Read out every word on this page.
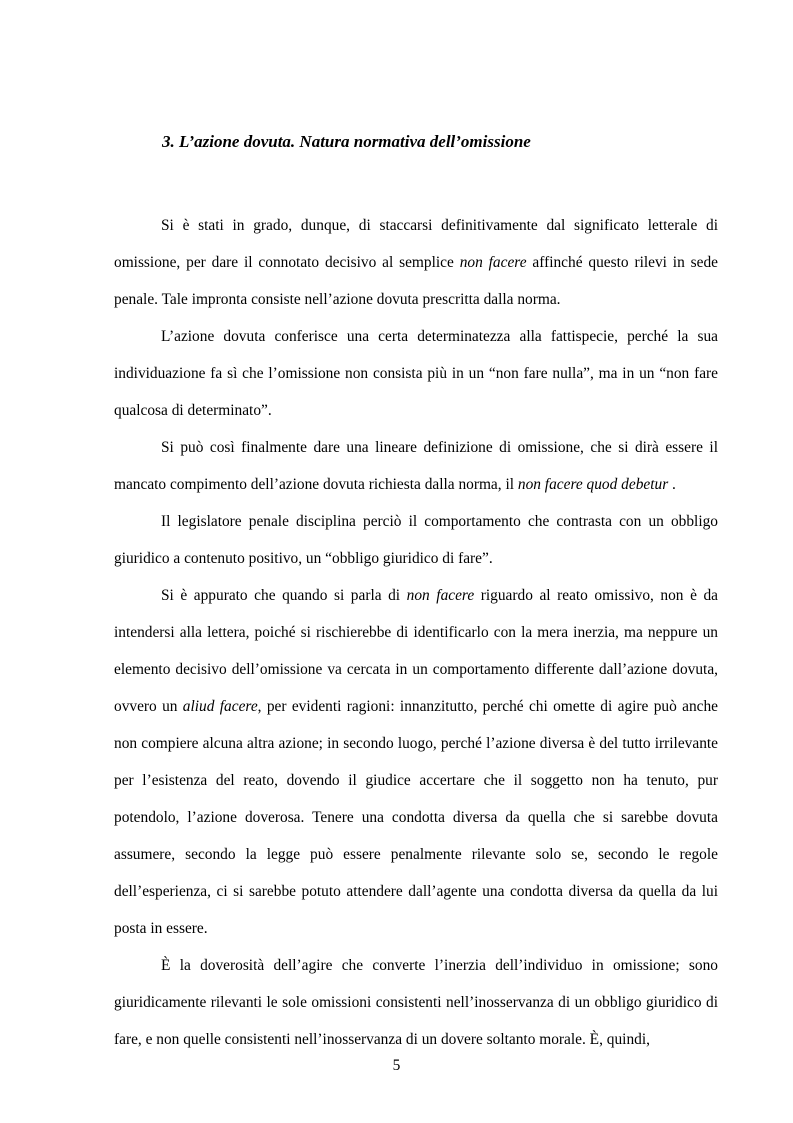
3. L’azione dovuta. Natura normativa dell’omissione

Si è stati in grado, dunque, di staccarsi definitivamente dal significato letterale di omissione, per dare il connotato decisivo al semplice non facere affinché questo rilevi in sede penale. Tale impronta consiste nell’azione dovuta prescritta dalla norma.

L’azione dovuta conferisce una certa determinatezza alla fattispecie, perché la sua individuazione fa sì che l’omissione non consista più in un “non fare nulla”, ma in un “non fare qualcosa di determinato”.

Si può così finalmente dare una lineare definizione di omissione, che si dirà essere il mancato compimento dell’azione dovuta richiesta dalla norma, il non facere quod debetur .

Il legislatore penale disciplina perciò il comportamento che contrasta con un obbligo giuridico a contenuto positivo, un “obbligo giuridico di fare”.

Si è appurato che quando si parla di non facere riguardo al reato omissivo, non è da intendersi alla lettera, poiché si rischierebbe di identificarlo con la mera inerzia, ma neppure un elemento decisivo dell’omissione va cercata in un comportamento differente dall’azione dovuta, ovvero un aliud facere, per evidenti ragioni: innanzitutto, perché chi omette di agire può anche non compiere alcuna altra azione; in secondo luogo, perché l’azione diversa è del tutto irrilevante per l’esistenza del reato, dovendo il giudice accertare che il soggetto non ha tenuto, pur potendolo, l’azione doverosa. Tenere una condotta diversa da quella che si sarebbe dovuta assumere, secondo la legge può essere penalmente rilevante solo se, secondo le regole dell’esperienza, ci si sarebbe potuto attendere dall’agente una condotta diversa da quella da lui posta in essere.

È la doverosità dell’agire che converte l’inerzia dell’individuo in omissione; sono giuridicamente rilevanti le sole omissioni consistenti nell’inosservanza di un obbligo giuridico di fare, e non quelle consistenti nell’inosservanza di un dovere soltanto morale. È, quindi,

5
